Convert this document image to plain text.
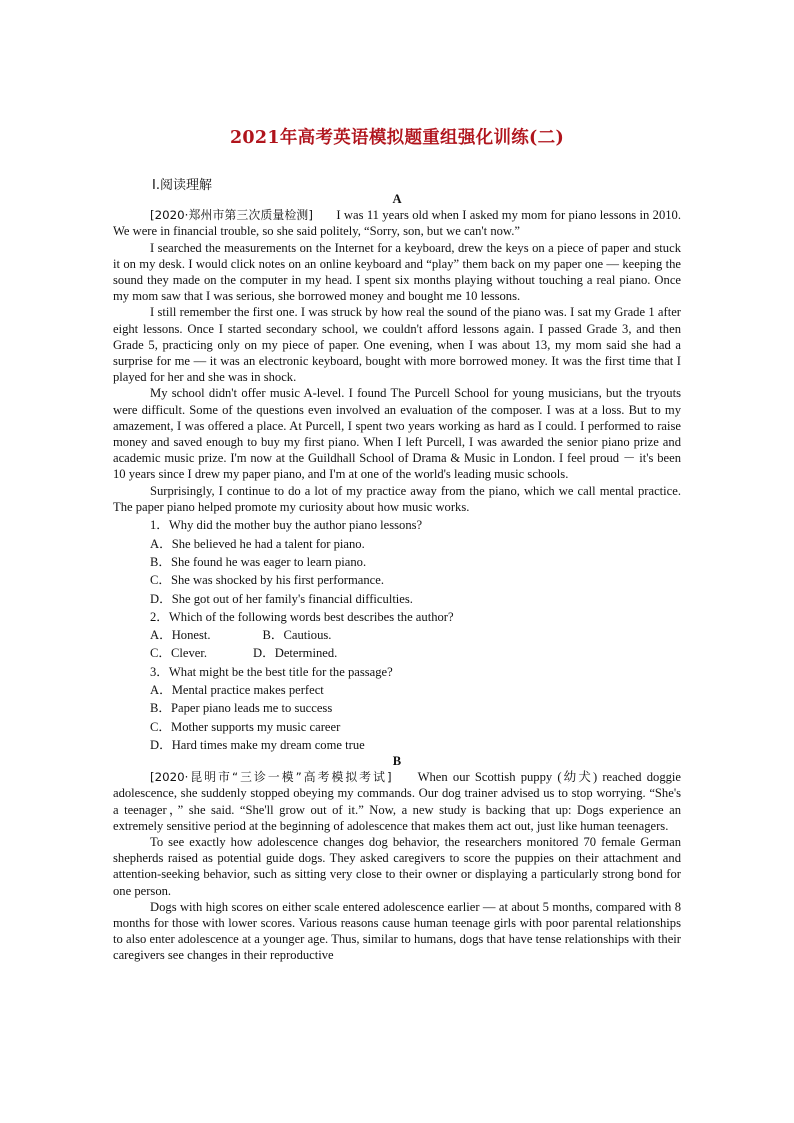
2021年高考英语模拟题重组强化训练(二)
Ⅰ.阅读理解

A

[2020·郑州市第三次质量检测] I was 11 years old when I asked my mom for piano lessons in 2010. We were in financial trouble, so she said politely, “Sorry, son, but we can't now.”

I searched the measurements on the Internet for a keyboard, drew the keys on a piece of paper and stuck it on my desk. I would click notes on an online keyboard and “play” them back on my paper one — keeping the sound they made on the computer in my head. I spent six months playing without touching a real piano. Once my mom saw that I was serious, she borrowed money and bought me 10 lessons.

I still remember the first one. I was struck by how real the sound of the piano was. I sat my Grade 1 after eight lessons. Once I started secondary school, we couldn't afford lessons again. I passed Grade 3, and then Grade 5, practicing only on my piece of paper. One evening, when I was about 13, my mom said she had a surprise for me — it was an electronic keyboard, bought with more borrowed money. It was the first time that I played for her and she was in shock.

My school didn't offer music A-level. I found The Purcell School for young musicians, but the tryouts were difficult. Some of the questions even involved an evaluation of the composer. I was at a loss. But to my amazement, I was offered a place. At Purcell, I spent two years working as hard as I could. I performed to raise money and saved enough to buy my first piano. When I left Purcell, I was awarded the senior piano prize and academic music prize. I'm now at the Guildhall School of Drama & Music in London. I feel proud － it's been 10 years since I drew my paper piano, and I'm at one of the world's leading music schools.

Surprisingly, I continue to do a lot of my practice away from the piano, which we call mental practice. The paper piano helped promote my curiosity about how music works.

1．Why did the mother buy the author piano lessons?

A．She believed he had a talent for piano.

B．She found he was eager to learn piano.

C．She was shocked by his first performance.

D．She got out of her family's financial difficulties.

2．Which of the following words best describes the author?

A．Honest.	B．Cautious.

C．Clever.	D．Determined.

3．What might be the best title for the passage?

A．Mental practice makes perfect

B．Paper piano leads me to success

C．Mother supports my music career

D．Hard times make my dream come true

B

[2020·昆明市“三诊一模”高考模拟考试] When our Scottish puppy (幼犬) reached doggie adolescence, she suddenly stopped obeying my commands. Our dog trainer advised us to stop worrying. “She's a teenager，” she said. “She'll grow out of it.” Now, a new study is backing that up: Dogs experience an extremely sensitive period at the beginning of adolescence that makes them act out, just like human teenagers.

To see exactly how adolescence changes dog behavior, the researchers monitored 70 female German shepherds raised as potential guide dogs. They asked caregivers to score the puppies on their attachment and attention-seeking behavior, such as sitting very close to their owner or displaying a particularly strong bond for one person.

Dogs with high scores on either scale entered adolescence earlier — at about 5 months, compared with 8 months for those with lower scores. Various reasons cause human teenage girls with poor parental relationships to also enter adolescence at a younger age. Thus, similar to humans, dogs that have tense relationships with their caregivers see changes in their reproductive
